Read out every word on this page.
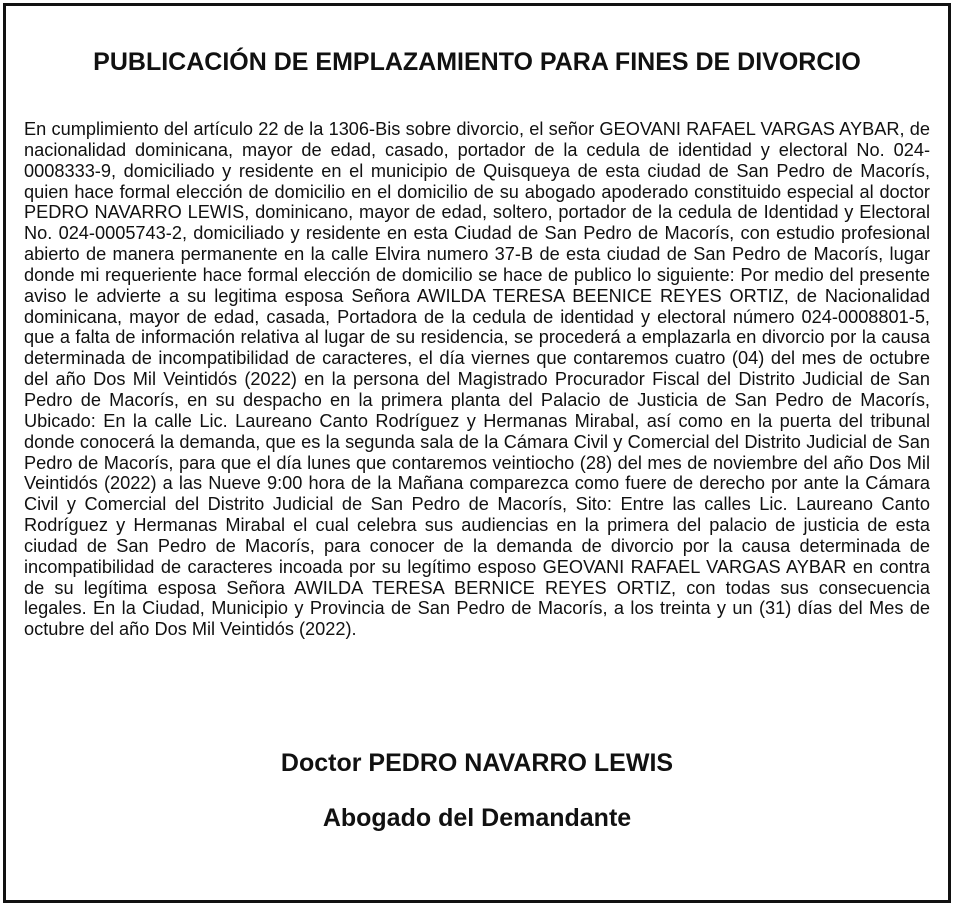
PUBLICACIÓN DE EMPLAZAMIENTO PARA FINES DE DIVORCIO

En cumplimiento del artículo 22 de la 1306-Bis sobre divorcio, el señor GEOVANI RAFAEL VARGAS AYBAR, de nacionalidad dominicana, mayor de edad, casado, portador de la cedula de identidad y electoral No. 024-0008333-9, domiciliado y residente en el municipio de Quisqueya de esta ciudad de San Pedro de Macorís, quien hace formal elección de domicilio en el domicilio de su abogado apoderado constituido especial al doctor PEDRO NAVARRO LEWIS, dominicano, mayor de edad, soltero, portador de la cedula de Identidad y Electoral No. 024-0005743-2, domiciliado y residente en esta Ciudad de San Pedro de Macorís, con estudio profesional abierto de manera permanente en la calle Elvira numero 37-B de esta ciudad de San Pedro de Macorís, lugar donde mi requeriente hace formal elección de domicilio se hace de publico lo siguiente: Por medio del presente aviso le advierte a su legitima esposa Señora AWILDA TERESA BEENICE REYES ORTIZ, de Nacionalidad dominicana, mayor de edad, casada, Portadora de la cedula de identidad y electoral número 024-0008801-5, que a falta de información relativa al lugar de su residencia, se procederá a emplazarla en divorcio por la causa determinada de incompatibilidad de caracteres, el día viernes que contaremos cuatro (04) del mes de octubre del año Dos Mil Veintidós (2022) en la persona del Magistrado Procurador Fiscal del Distrito Judicial de San Pedro de Macorís, en su despacho en la primera planta del Palacio de Justicia de San Pedro de Macorís, Ubicado: En la calle Lic. Laureano Canto Rodríguez y Hermanas Mirabal, así como en la puerta del tribunal donde conocerá la demanda, que es la segunda sala de la Cámara Civil y Comercial del Distrito Judicial de San Pedro de Macorís, para que el día lunes que contaremos veintiocho (28) del mes de noviembre del año Dos Mil Veintidós (2022) a las Nueve 9:00 hora de la Mañana comparezca como fuere de derecho por ante la Cámara Civil y Comercial del Distrito Judicial de San Pedro de Macorís, Sito: Entre las calles Lic. Laureano Canto Rodríguez y Hermanas Mirabal el cual celebra sus audiencias en la primera del palacio de justicia de esta ciudad de San Pedro de Macorís, para conocer de la demanda de divorcio por la causa determinada de incompatibilidad de caracteres incoada por su legítimo esposo GEOVANI RAFAEL VARGAS AYBAR en contra de su legítima esposa Señora AWILDA TERESA BERNICE REYES ORTIZ, con todas sus consecuencia legales. En la Ciudad, Municipio y Provincia de San Pedro de Macorís, a los treinta y un (31) días del Mes de octubre del año Dos Mil Veintidós (2022).

Doctor PEDRO NAVARRO LEWIS

Abogado del Demandante
